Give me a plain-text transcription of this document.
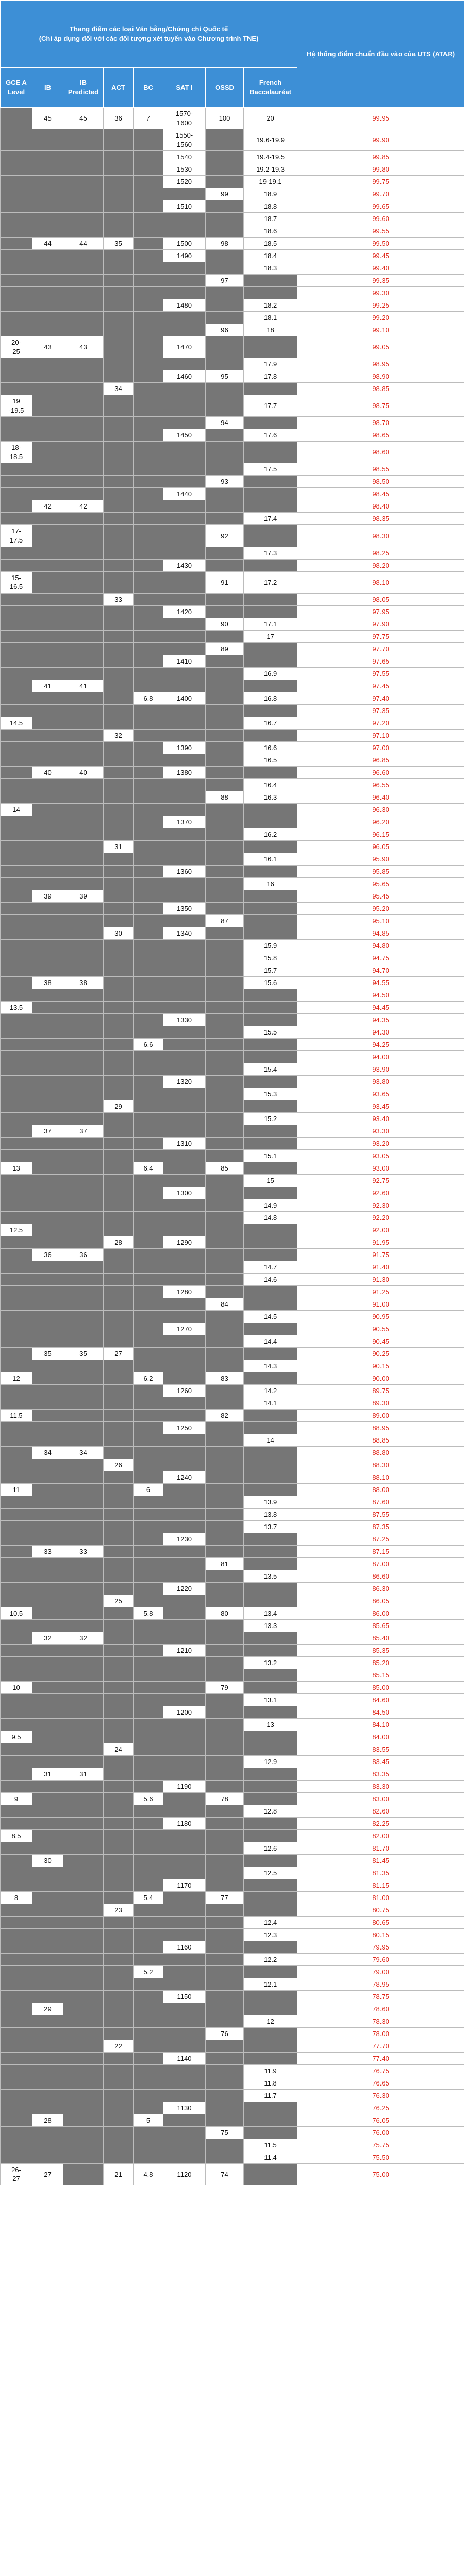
Thang điểm các loại Văn bằng/Chứng chỉ Quốc tế
(Chỉ áp dụng đối với các đối tượng xét tuyển vào Chương trình TNE)								Hệ thống điểm chuẩn đầu vào của UTS (ATAR)
GCE A Level	IB	IB Predicted	ACT	BC	SAT I	OSSD	French Baccalauréat	
	45	45	36	7	1570-
1600	100	20	99.95
					1550-
1560		19.6-19.9	99.90
					1540		19.4-19.5	99.85
					1530		19.2-19.3	99.80
					1520		19-19.1	99.75
						99	18.9	99.70
					1510		18.8	99.65
							18.7	99.60
							18.6	99.55
	44	44	35		1500	98	18.5	99.50
					1490		18.4	99.45
							18.3	99.40
						97		99.35
								99.30
					1480		18.2	99.25
							18.1	99.20
						96	18	99.10
20-
25	43	43			1470			99.05
							17.9	98.95
					1460	95	17.8	98.90
			34					98.85
19
-19.5							17.7	98.75
						94		98.70
					1450		17.6	98.65
18-
18.5								98.60
							17.5	98.55
						93		98.50
					1440			98.45
	42	42						98.40
							17.4	98.35
17-
17.5						92		98.30
							17.3	98.25
					1430			98.20
15-
16.5						91	17.2	98.10
			33					98.05
					1420			97.95
						90	17.1	97.90
							17	97.75
						89		97.70
					1410			97.65
							16.9	97.55
	41	41						97.45
				6.8	1400		16.8	97.40
								97.35
14.5							16.7	97.20
			32					97.10
					1390		16.6	97.00
							16.5	96.85
	40	40			1380			96.60
							16.4	96.55
						88	16.3	96.40
14								96.30
					1370			96.20
							16.2	96.15
			31					96.05
							16.1	95.90
					1360			95.85
							16	95.65
	39	39						95.45
					1350			95.20
						87		95.10
			30		1340			94.85
							15.9	94.80
							15.8	94.75
							15.7	94.70
	38	38					15.6	94.55
								94.50
13.5								94.45
					1330			94.35
							15.5	94.30
				6.6				94.25
								94.00
							15.4	93.90
					1320			93.80
							15.3	93.65
			29					93.45
							15.2	93.40
	37	37						93.30
					1310			93.20
							15.1	93.05
13				6.4		85		93.00
							15	92.75
					1300			92.60
							14.9	92.30
							14.8	92.20
12.5								92.00
			28		1290			91.95
	36	36						91.75
							14.7	91.40
							14.6	91.30
					1280			91.25
						84		91.00
							14.5	90.95
					1270			90.55
							14.4	90.45
	35	35	27					90.25
							14.3	90.15
12				6.2		83		90.00
					1260		14.2	89.75
							14.1	89.30
11.5						82		89.00
					1250			88.95
							14	88.85
	34	34						88.80
			26					88.30
					1240			88.10
11				6				88.00
							13.9	87.60
							13.8	87.55
							13.7	87.35
					1230			87.25
	33	33						87.15
						81		87.00
							13.5	86.60
					1220			86.30
			25					86.05
10.5				5.8		80	13.4	86.00
							13.3	85.65
	32	32						85.40
					1210			85.35
							13.2	85.20
								85.15
10						79		85.00
							13.1	84.60
					1200			84.50
							13	84.10
9.5								84.00
			24					83.55
							12.9	83.45
	31	31						83.35
					1190			83.30
9				5.6		78		83.00
							12.8	82.60
					1180			82.25
8.5								82.00
							12.6	81.70
	30							81.45
							12.5	81.35
					1170			81.15
8				5.4		77		81.00
			23					80.75
							12.4	80.65
							12.3	80.15
					1160			79.95
							12.2	79.60
				5.2				79.00
							12.1	78.95
					1150			78.75
	29							78.60
							12	78.30
						76		78.00
			22					77.70
					1140			77.40
							11.9	76.75
							11.8	76.65
							11.7	76.30
					1130			76.25
	28			5				76.05
						75		76.00
							11.5	75.75
							11.4	75.50
26-
27	27		21	4.8	1120	74		75.00
